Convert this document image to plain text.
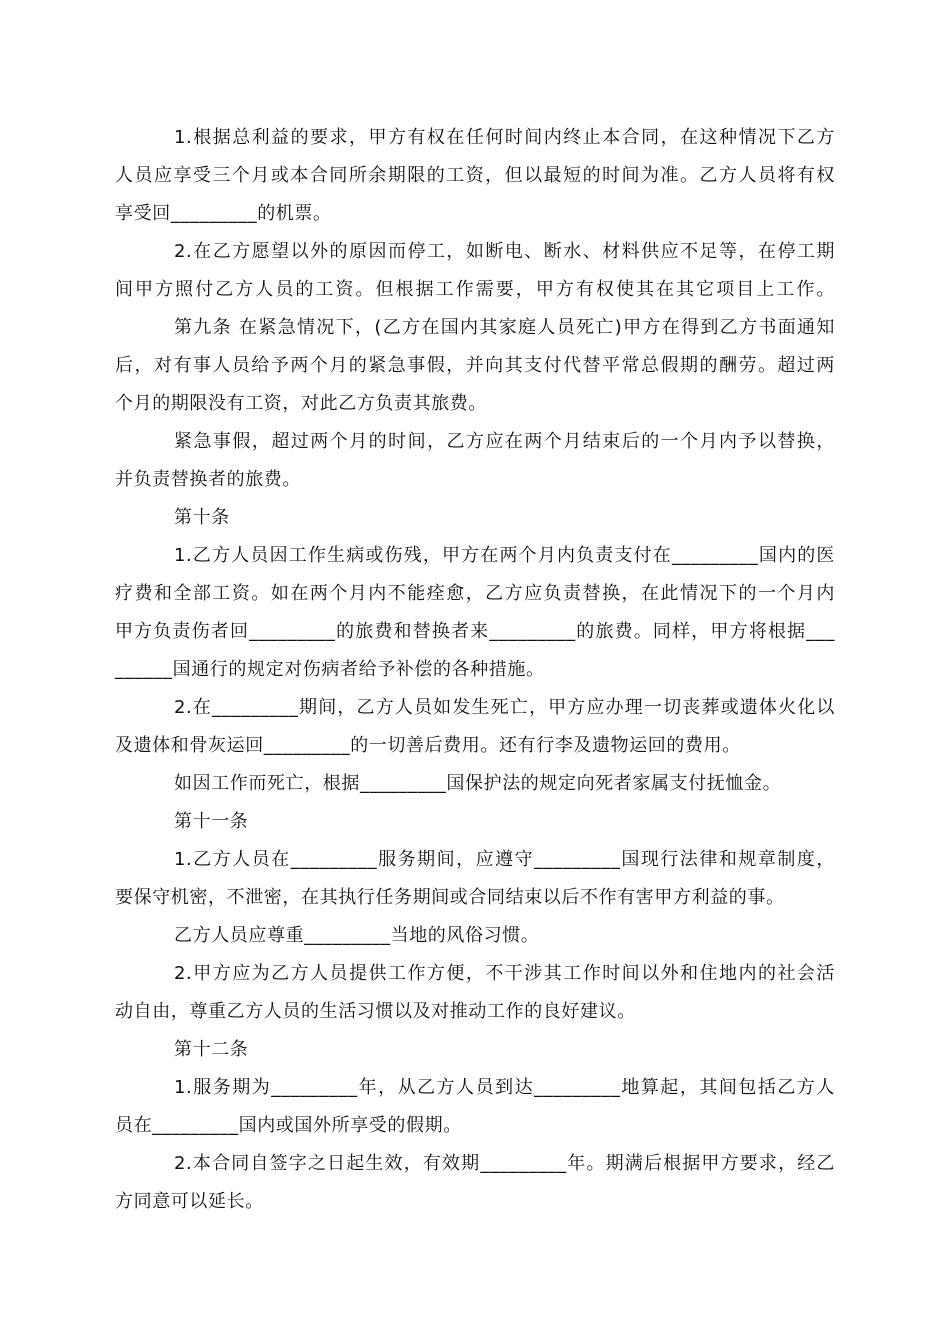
1.根据总利益的要求，甲方有权在任何时间内终止本合同，在这种情况下乙方
人员应享受三个月或本合同所余期限的工资，但以最短的时间为准。乙方人员将有权
享受回_________的机票。
2.在乙方愿望以外的原因而停工，如断电、断水、材料供应不足等，在停工期
间甲方照付乙方人员的工资。但根据工作需要，甲方有权使其在其它项目上工作。
第九条 在紧急情况下，(乙方在国内其家庭人员死亡)甲方在得到乙方书面通知
后，对有事人员给予两个月的紧急事假，并向其支付代替平常总假期的酬劳。超过两
个月的期限没有工资，对此乙方负责其旅费。
紧急事假，超过两个月的时间，乙方应在两个月结束后的一个月内予以替换，
并负责替换者的旅费。
第十条
1.乙方人员因工作生病或伤残，甲方在两个月内负责支付在_________国内的医
疗费和全部工资。如在两个月内不能痊愈，乙方应负责替换，在此情况下的一个月内
甲方负责伤者回_________的旅费和替换者来_________的旅费。同样，甲方将根据___
______国通行的规定对伤病者给予补偿的各种措施。
2.在_________期间，乙方人员如发生死亡，甲方应办理一切丧葬或遗体火化以
及遗体和骨灰运回_________的一切善后费用。还有行李及遗物运回的费用。
如因工作而死亡，根据_________国保护法的规定向死者家属支付抚恤金。
第十一条
1.乙方人员在_________服务期间，应遵守_________国现行法律和规章制度，
要保守机密，不泄密，在其执行任务期间或合同结束以后不作有害甲方利益的事。
乙方人员应尊重_________当地的风俗习惯。
2.甲方应为乙方人员提供工作方便，不干涉其工作时间以外和住地内的社会活
动自由，尊重乙方人员的生活习惯以及对推动工作的良好建议。
第十二条
1.服务期为_________年，从乙方人员到达_________地算起，其间包括乙方人
员在_________国内或国外所享受的假期。
2.本合同自签字之日起生效，有效期_________年。期满后根据甲方要求，经乙
方同意可以延长。
